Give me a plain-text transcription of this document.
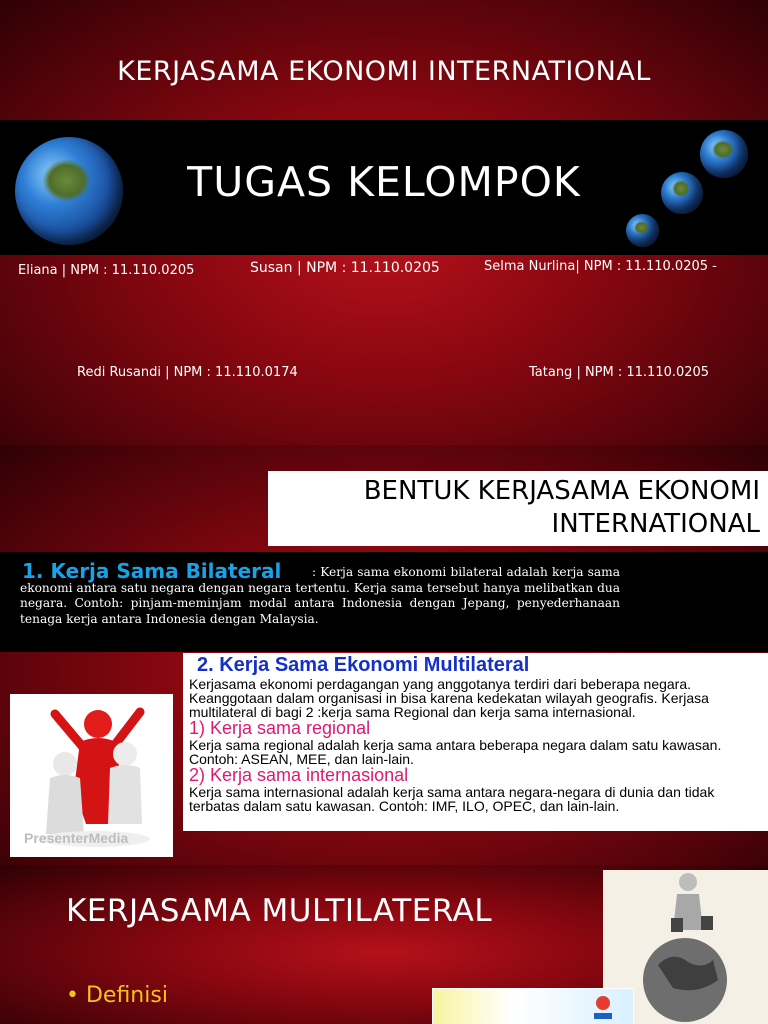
KERJASAMA EKONOMI INTERNATIONAL
TUGAS KELOMPOK
Eliana | NPM : 11.110.0205	Susan | NPM : 11.110.0205	Selma Nurlina| NPM : 11.110.0205 -
Redi Rusandi | NPM : 11.110.0174	Tatang | NPM : 11.110.0205
BENTUK KERJASAMA EKONOMI
INTERNATIONAL
: Kerja sama ekonomi bilateral adalah kerja sama ekonomi antara satu negara dengan negara tertentu. Kerja sama tersebut hanya melibatkan dua negara. Contoh: pinjam-meminjam modal antara Indonesia dengan Jepang, penyederhanaan tenaga kerja antara Indonesia dengan Malaysia.
1. Kerja Sama Bilateral
2. Kerja Sama Ekonomi Multilateral

Kerjasama ekonomi perdagangan yang anggotanya terdiri dari beberapa negara. Keanggotaan dalam organisasi in bisa karena kedekatan wilayah geografis. Kerjasa multilateral di bagi 2 :kerja sama Regional dan kerja sama internasional.

1) Kerja sama regional

Kerja sama regional adalah kerja sama antara beberapa negara dalam satu kawasan. Contoh: ASEAN, MEE, dan lain-lain.

2) Kerja sama internasional

Kerja sama internasional adalah kerja sama antara negara-negara di dunia dan tidak terbatas dalam satu kawasan. Contoh: IMF, ILO, OPEC, dan lain-lain.

PresenterMedia
KERJASAMA MULTILATERAL
• Definisi
